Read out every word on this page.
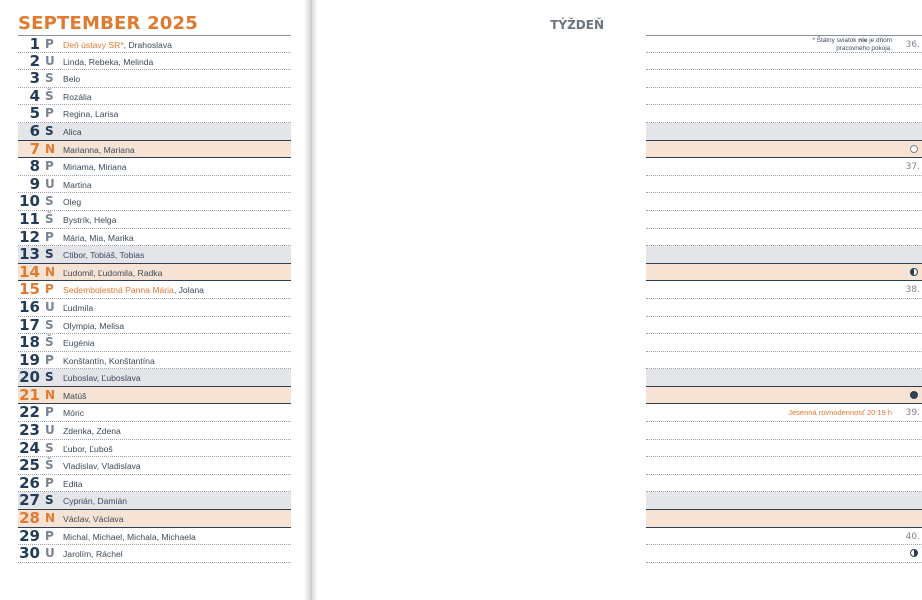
SEPTEMBER 2025
1 P Deň ústavy SR*, Drahoslava
2 U Linda, Rebeka, Melinda
3 S Belo
4 Š Rozália
5 P Regina, Larisa
6 S Alica
7 N Marianna, Mariana
8 P Miriama, Miriana
9 U Martina
10 S Oleg
11 Š Bystrík, Helga
12 P Mária, Mia, Marika
13 S Ctibor, Tobiáš, Tobias
14 N Ľudomil, Ľudomila, Radka
15 P Sedembolestná Panna Mária, Jolana
16 U Ľudmila
17 S Olympia, Melisa
18 Š Eugénia
19 P Konštantín, Konštantína
20 S Ľuboslav, Ľuboslava
21 N Matúš
22 P Móric
23 U Zdenka, Zdena
24 S Ľubor, Ľuboš
25 Š Vladislav, Vladislava
26 P Edita
27 S Cyprián, Damián
28 N Václav, Václava
29 P Michal, Michael, Michala, Michaela
30 U Jarolím, Ráchel
TÝŽDEŇ
36.
* Štátny sviatok nie je dňom
pracovného pokoja.
37.
38.
39.
Jesenná rovnodennosť 20:19 h
40.
